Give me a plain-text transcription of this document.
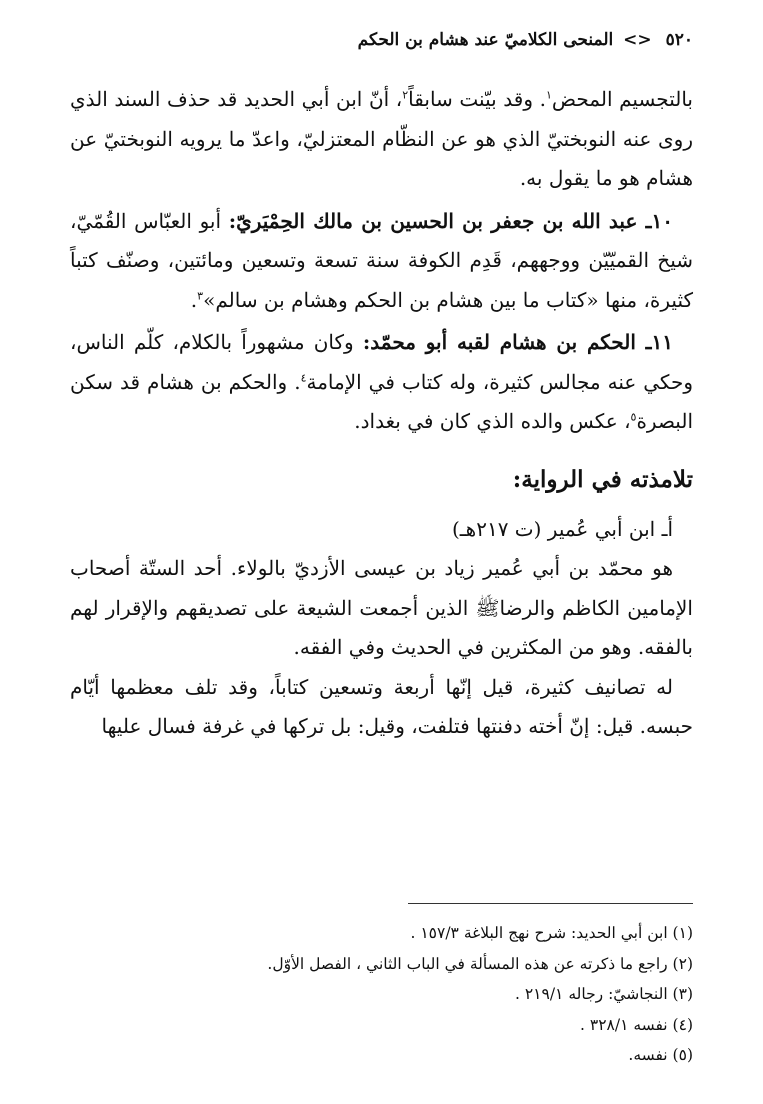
٥٢٠ <> المنحى الكلاميّ عند هشام بن الحكم

بالتجسيم المحض$^١$. وقد بيّنت سابقاً$^٢$، أنّ ابن أبي الحديد قد حذف السند الذي روى عنه النوبختيّ الذي هو عن النظّام المعتزليّ، واعدّ ما يرويه النوبختيّ عن هشام هو ما يقول به.

١٠ـ عبد الله بن جعفر بن الحسين بن مالك الحِمْيَريّ: أبو العبّاس القُمّيّ، شيخ القميّيّن ووجههم، قَدِم الكوفة سنة تسعة وتسعين ومائتين، وصنّف كتباً كثيرة، منها «كتاب ما بين هشام بن الحكم وهشام بن سالم»$^٣$.

١١ـ الحكم بن هشام لقبه أبو محمّد: وكان مشهوراً بالكلام، كلّم الناس، وحكي عنه مجالس كثيرة، وله كتاب في الإمامة$^٤$. والحكم بن هشام قد سكن البصرة$^٥$، عكس والده الذي كان في بغداد.

تلامذته في الرواية:

أـ ابن أبي عُمير (ت ٢١٧هـ)

هو محمّد بن أبي عُمير زياد بن عيسى الأزديّ بالولاء. أحد الستّة أصحاب الإمامين الكاظم والرضاﷺ الذين أجمعت الشيعة على تصديقهم والإقرار لهم بالفقه. وهو من المكثرين في الحديث وفي الفقه.

له تصانيف كثيرة، قيل إنّها أربعة وتسعين كتاباً، وقد تلف معظمها أيّام حبسه. قيل: إنّ أخته دفنتها فتلفت، وقيل: بل تركها في غرفة فسال عليها

(١) ابن أبي الحديد: شرح نهج البلاغة ١٥٧/٣ .
(٢) راجع ما ذكرته عن هذه المسألة في الباب الثاني ، الفصل الأوّل.
(٣) النجاشيّ: رجاله ٢١٩/١ .
(٤) نفسه ٣٢٨/١ .
(٥) نفسه.
